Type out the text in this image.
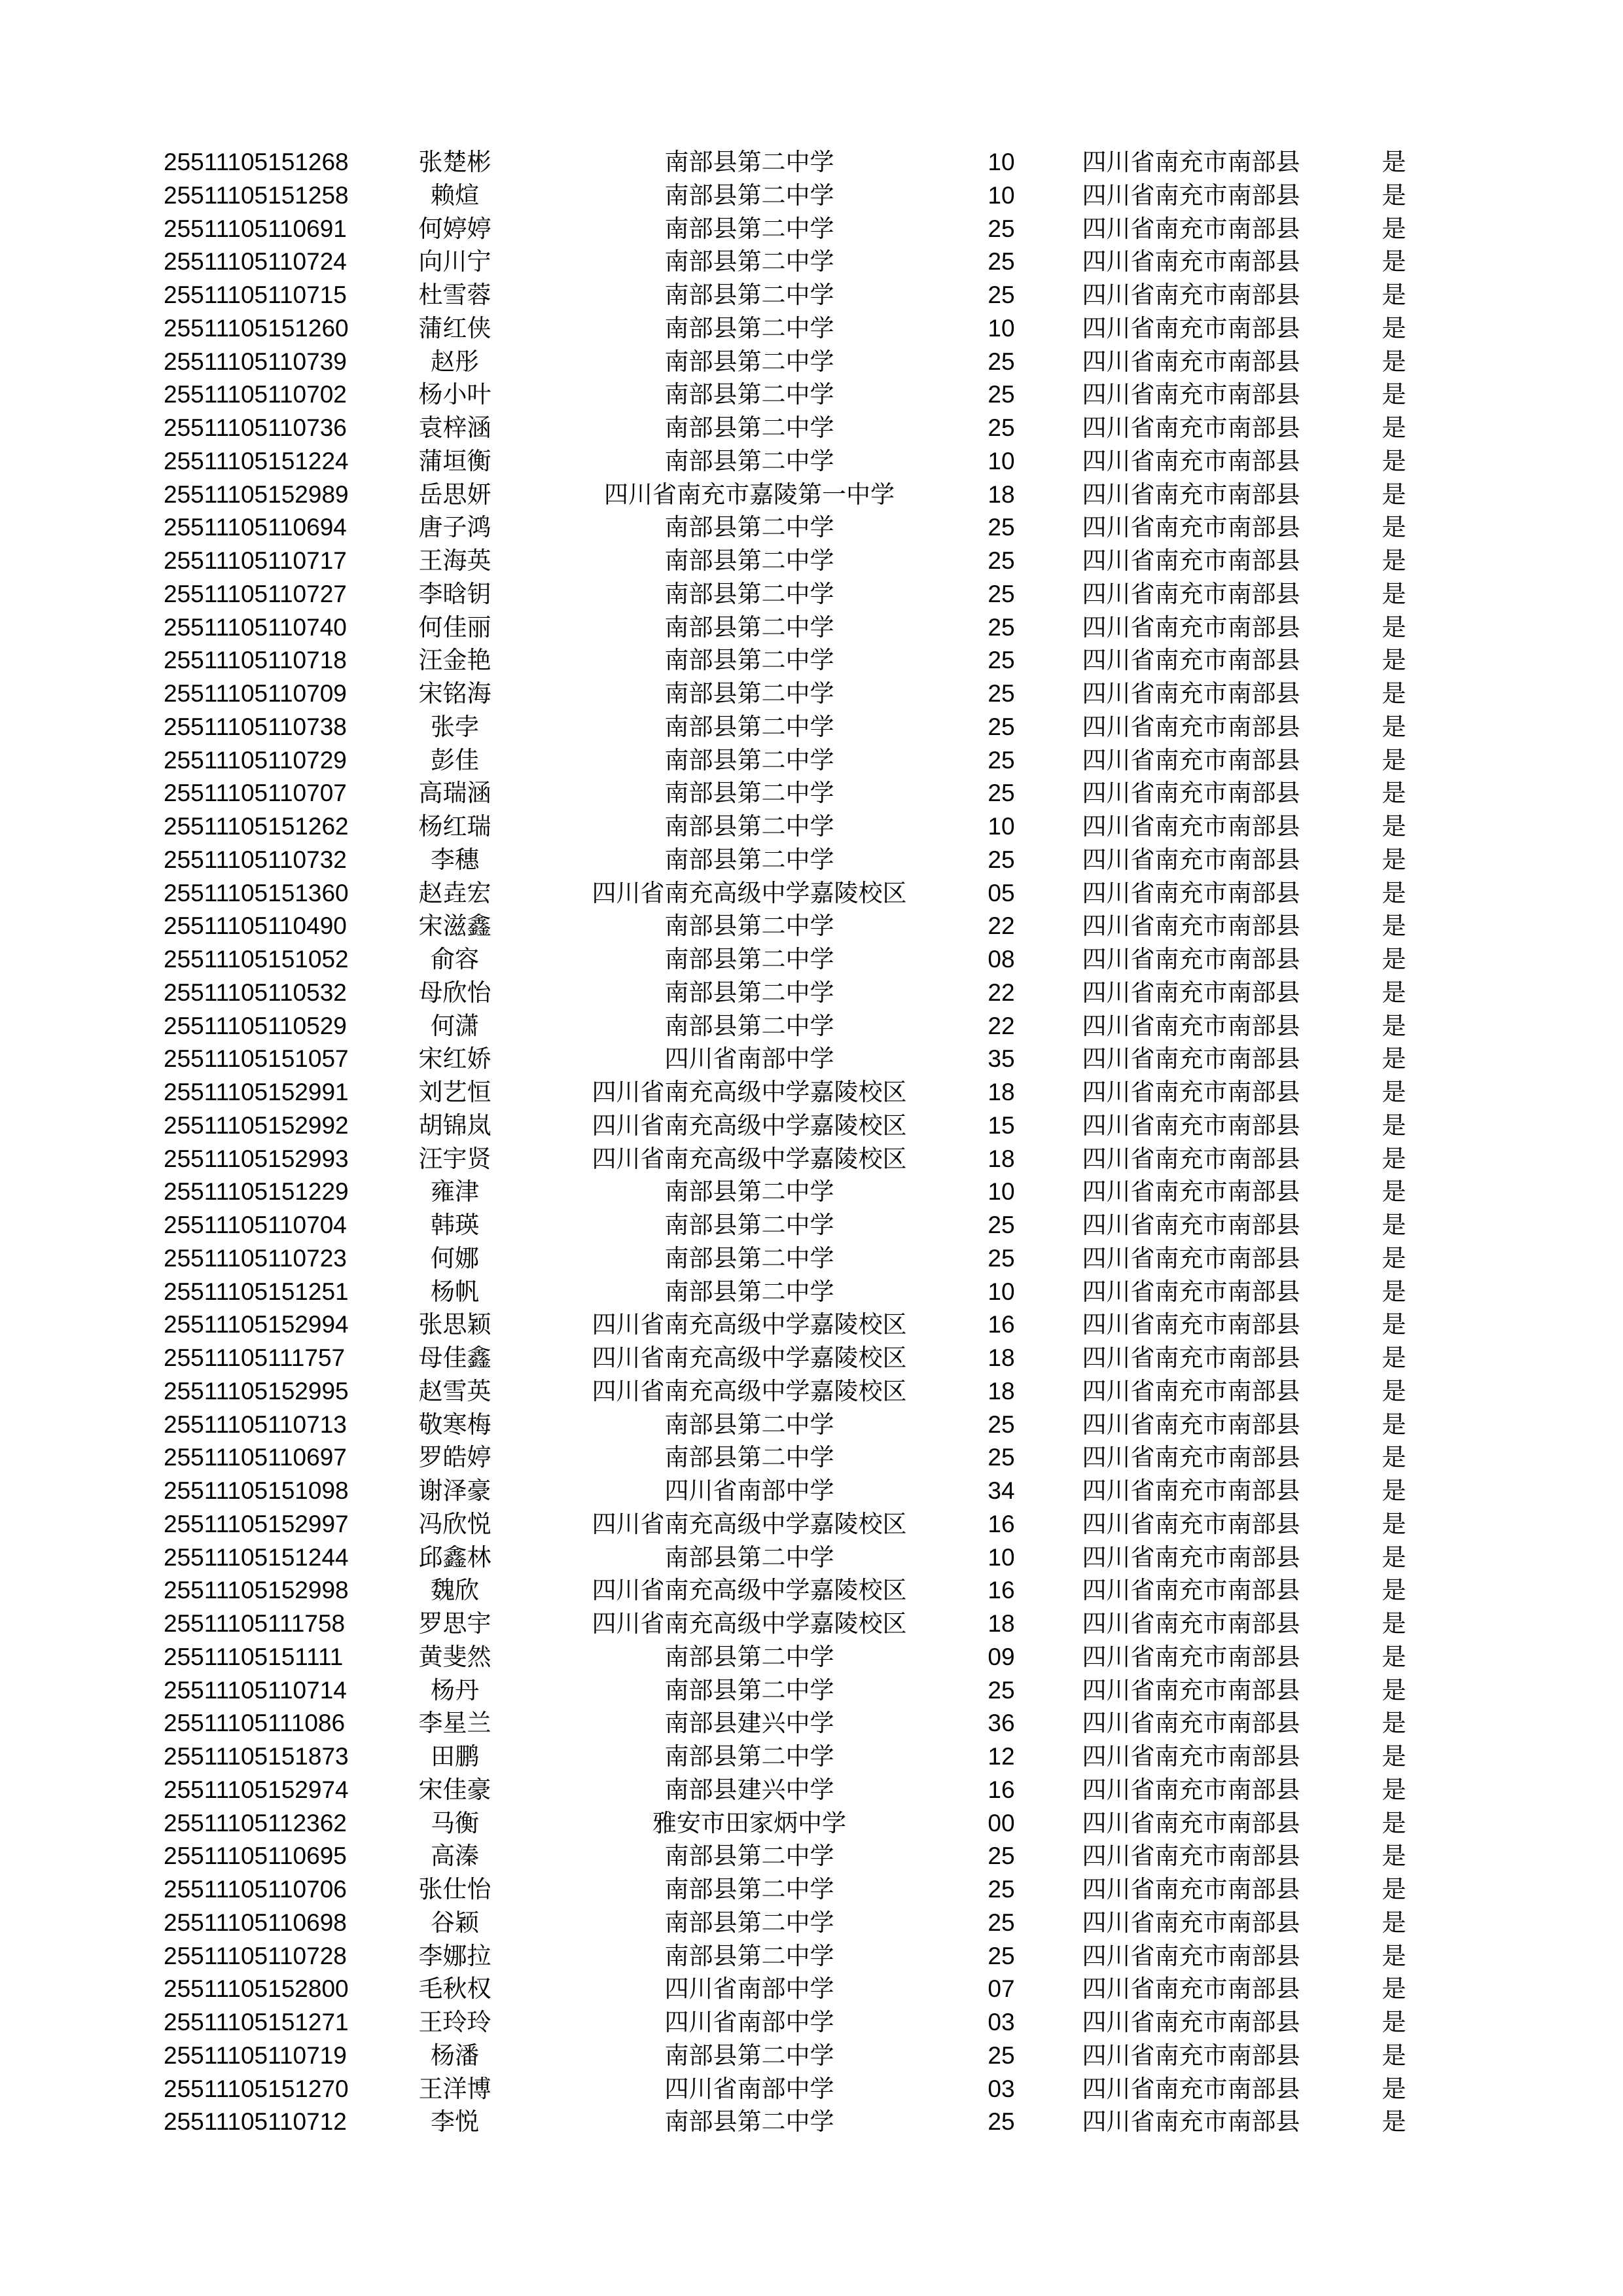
25511105151268	张楚彬	南部县第二中学	10	四川省南充市南部县	是
25511105151258	赖煊	南部县第二中学	10	四川省南充市南部县	是
25511105110691	何婷婷	南部县第二中学	25	四川省南充市南部县	是
25511105110724	向川宁	南部县第二中学	25	四川省南充市南部县	是
25511105110715	杜雪蓉	南部县第二中学	25	四川省南充市南部县	是
25511105151260	蒲红侠	南部县第二中学	10	四川省南充市南部县	是
25511105110739	赵彤	南部县第二中学	25	四川省南充市南部县	是
25511105110702	杨小叶	南部县第二中学	25	四川省南充市南部县	是
25511105110736	袁梓涵	南部县第二中学	25	四川省南充市南部县	是
25511105151224	蒲垣衡	南部县第二中学	10	四川省南充市南部县	是
25511105152989	岳思妍	四川省南充市嘉陵第一中学	18	四川省南充市南部县	是
25511105110694	唐子鸿	南部县第二中学	25	四川省南充市南部县	是
25511105110717	王海英	南部县第二中学	25	四川省南充市南部县	是
25511105110727	李晗钥	南部县第二中学	25	四川省南充市南部县	是
25511105110740	何佳丽	南部县第二中学	25	四川省南充市南部县	是
25511105110718	汪金艳	南部县第二中学	25	四川省南充市南部县	是
25511105110709	宋铭海	南部县第二中学	25	四川省南充市南部县	是
25511105110738	张孛	南部县第二中学	25	四川省南充市南部县	是
25511105110729	彭佳	南部县第二中学	25	四川省南充市南部县	是
25511105110707	高瑞涵	南部县第二中学	25	四川省南充市南部县	是
25511105151262	杨红瑞	南部县第二中学	10	四川省南充市南部县	是
25511105110732	李穗	南部县第二中学	25	四川省南充市南部县	是
25511105151360	赵垚宏	四川省南充高级中学嘉陵校区	05	四川省南充市南部县	是
25511105110490	宋滋鑫	南部县第二中学	22	四川省南充市南部县	是
25511105151052	俞容	南部县第二中学	08	四川省南充市南部县	是
25511105110532	母欣怡	南部县第二中学	22	四川省南充市南部县	是
25511105110529	何潇	南部县第二中学	22	四川省南充市南部县	是
25511105151057	宋红娇	四川省南部中学	35	四川省南充市南部县	是
25511105152991	刘艺恒	四川省南充高级中学嘉陵校区	18	四川省南充市南部县	是
25511105152992	胡锦岚	四川省南充高级中学嘉陵校区	15	四川省南充市南部县	是
25511105152993	汪宇贤	四川省南充高级中学嘉陵校区	18	四川省南充市南部县	是
25511105151229	雍津	南部县第二中学	10	四川省南充市南部县	是
25511105110704	韩瑛	南部县第二中学	25	四川省南充市南部县	是
25511105110723	何娜	南部县第二中学	25	四川省南充市南部县	是
25511105151251	杨帆	南部县第二中学	10	四川省南充市南部县	是
25511105152994	张思颖	四川省南充高级中学嘉陵校区	16	四川省南充市南部县	是
25511105111757	母佳鑫	四川省南充高级中学嘉陵校区	18	四川省南充市南部县	是
25511105152995	赵雪英	四川省南充高级中学嘉陵校区	18	四川省南充市南部县	是
25511105110713	敬寒梅	南部县第二中学	25	四川省南充市南部县	是
25511105110697	罗皓婷	南部县第二中学	25	四川省南充市南部县	是
25511105151098	谢泽豪	四川省南部中学	34	四川省南充市南部县	是
25511105152997	冯欣悦	四川省南充高级中学嘉陵校区	16	四川省南充市南部县	是
25511105151244	邱鑫林	南部县第二中学	10	四川省南充市南部县	是
25511105152998	魏欣	四川省南充高级中学嘉陵校区	16	四川省南充市南部县	是
25511105111758	罗思宇	四川省南充高级中学嘉陵校区	18	四川省南充市南部县	是
25511105151111	黄斐然	南部县第二中学	09	四川省南充市南部县	是
25511105110714	杨丹	南部县第二中学	25	四川省南充市南部县	是
25511105111086	李星兰	南部县建兴中学	36	四川省南充市南部县	是
25511105151873	田鹏	南部县第二中学	12	四川省南充市南部县	是
25511105152974	宋佳豪	南部县建兴中学	16	四川省南充市南部县	是
25511105112362	马衡	雅安市田家炳中学	00	四川省南充市南部县	是
25511105110695	高溱	南部县第二中学	25	四川省南充市南部县	是
25511105110706	张仕怡	南部县第二中学	25	四川省南充市南部县	是
25511105110698	谷颖	南部县第二中学	25	四川省南充市南部县	是
25511105110728	李娜拉	南部县第二中学	25	四川省南充市南部县	是
25511105152800	毛秋权	四川省南部中学	07	四川省南充市南部县	是
25511105151271	王玲玲	四川省南部中学	03	四川省南充市南部县	是
25511105110719	杨潘	南部县第二中学	25	四川省南充市南部县	是
25511105151270	王洋博	四川省南部中学	03	四川省南充市南部县	是
25511105110712	李悦	南部县第二中学	25	四川省南充市南部县	是
